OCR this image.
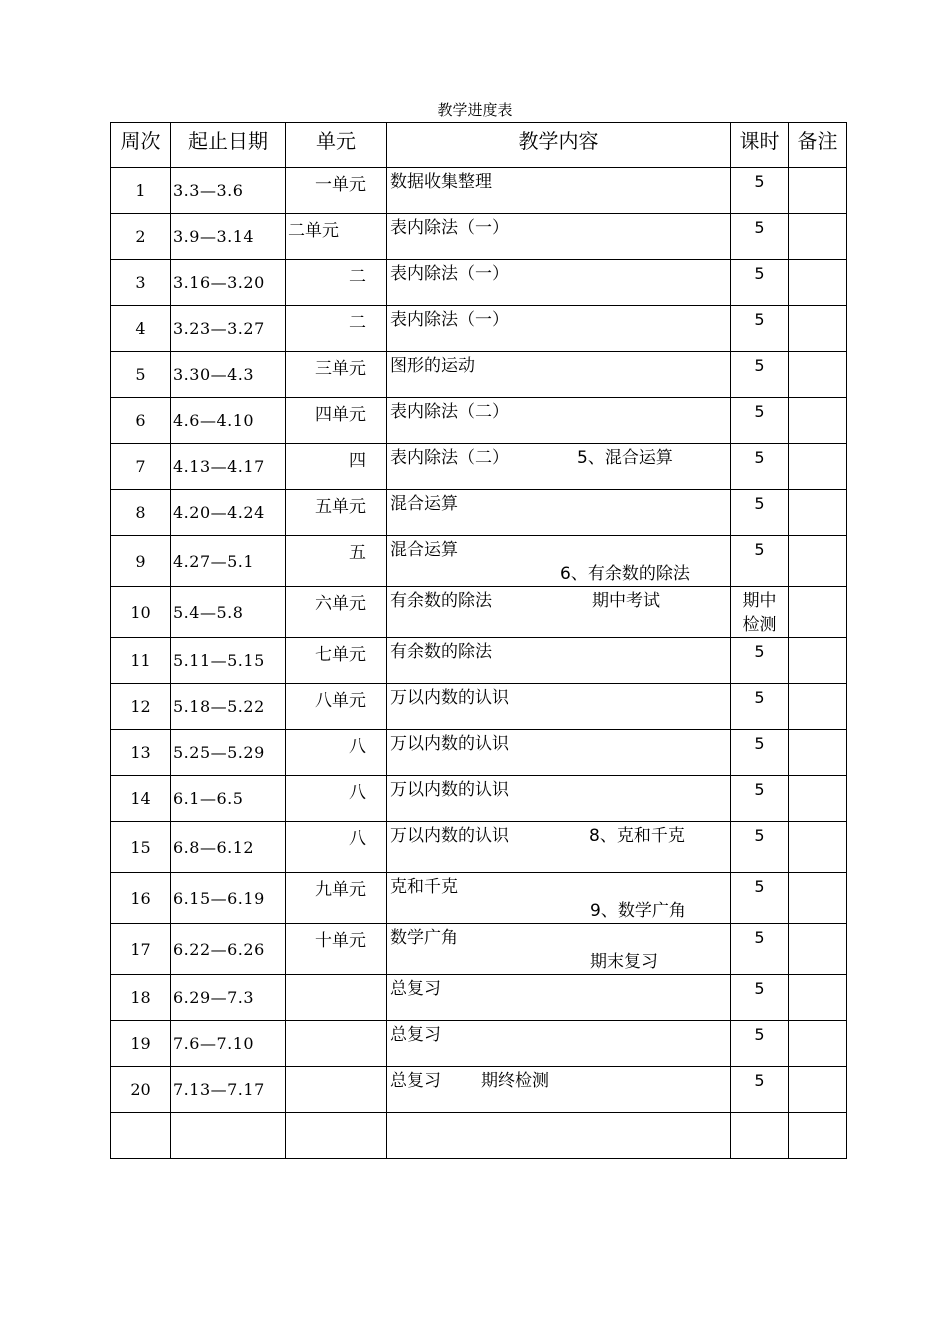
教学进度表
周次	起止日期	单元	教学内容	课时	备注
1	3.3—3.6	一单元	数据收集整理	5	
2	3.9—3.14	二单元	表内除法（一）	5	
3	3.16—3.20	二	表内除法（一）	5	
4	3.23—3.27	二	表内除法（一）	5	
5	3.30—4.3	三单元	图形的运动	5	
6	4.6—4.10	四单元	表内除法（二）	5	
7	4.13—4.17	四	表内除法（二） 5、混合运算	5	
8	4.20—4.24	五单元	混合运算	5	
9	4.27—5.1	五	混合运算6、有余数的除法	5	
10	5.4—5.8	六单元	有余数的除法 期中考试	期中检测	
11	5.11—5.15	七单元	有余数的除法	5	
12	5.18—5.22	八单元	万以内数的认识	5	
13	5.25—5.29	八	万以内数的认识	5	
14	6.1—6.5	八	万以内数的认识	5	
15	6.8—6.12	八	万以内数的认识 8、克和千克	5	
16	6.15—6.19	九单元	克和千克9、数学广角	5	
17	6.22—6.26	十单元	数学广角期末复习	5	
18	6.29—7.3		总复习	5	
19	7.6—7.10		总复习	5	
20	7.13—7.17		总复习 期终检测	5	
